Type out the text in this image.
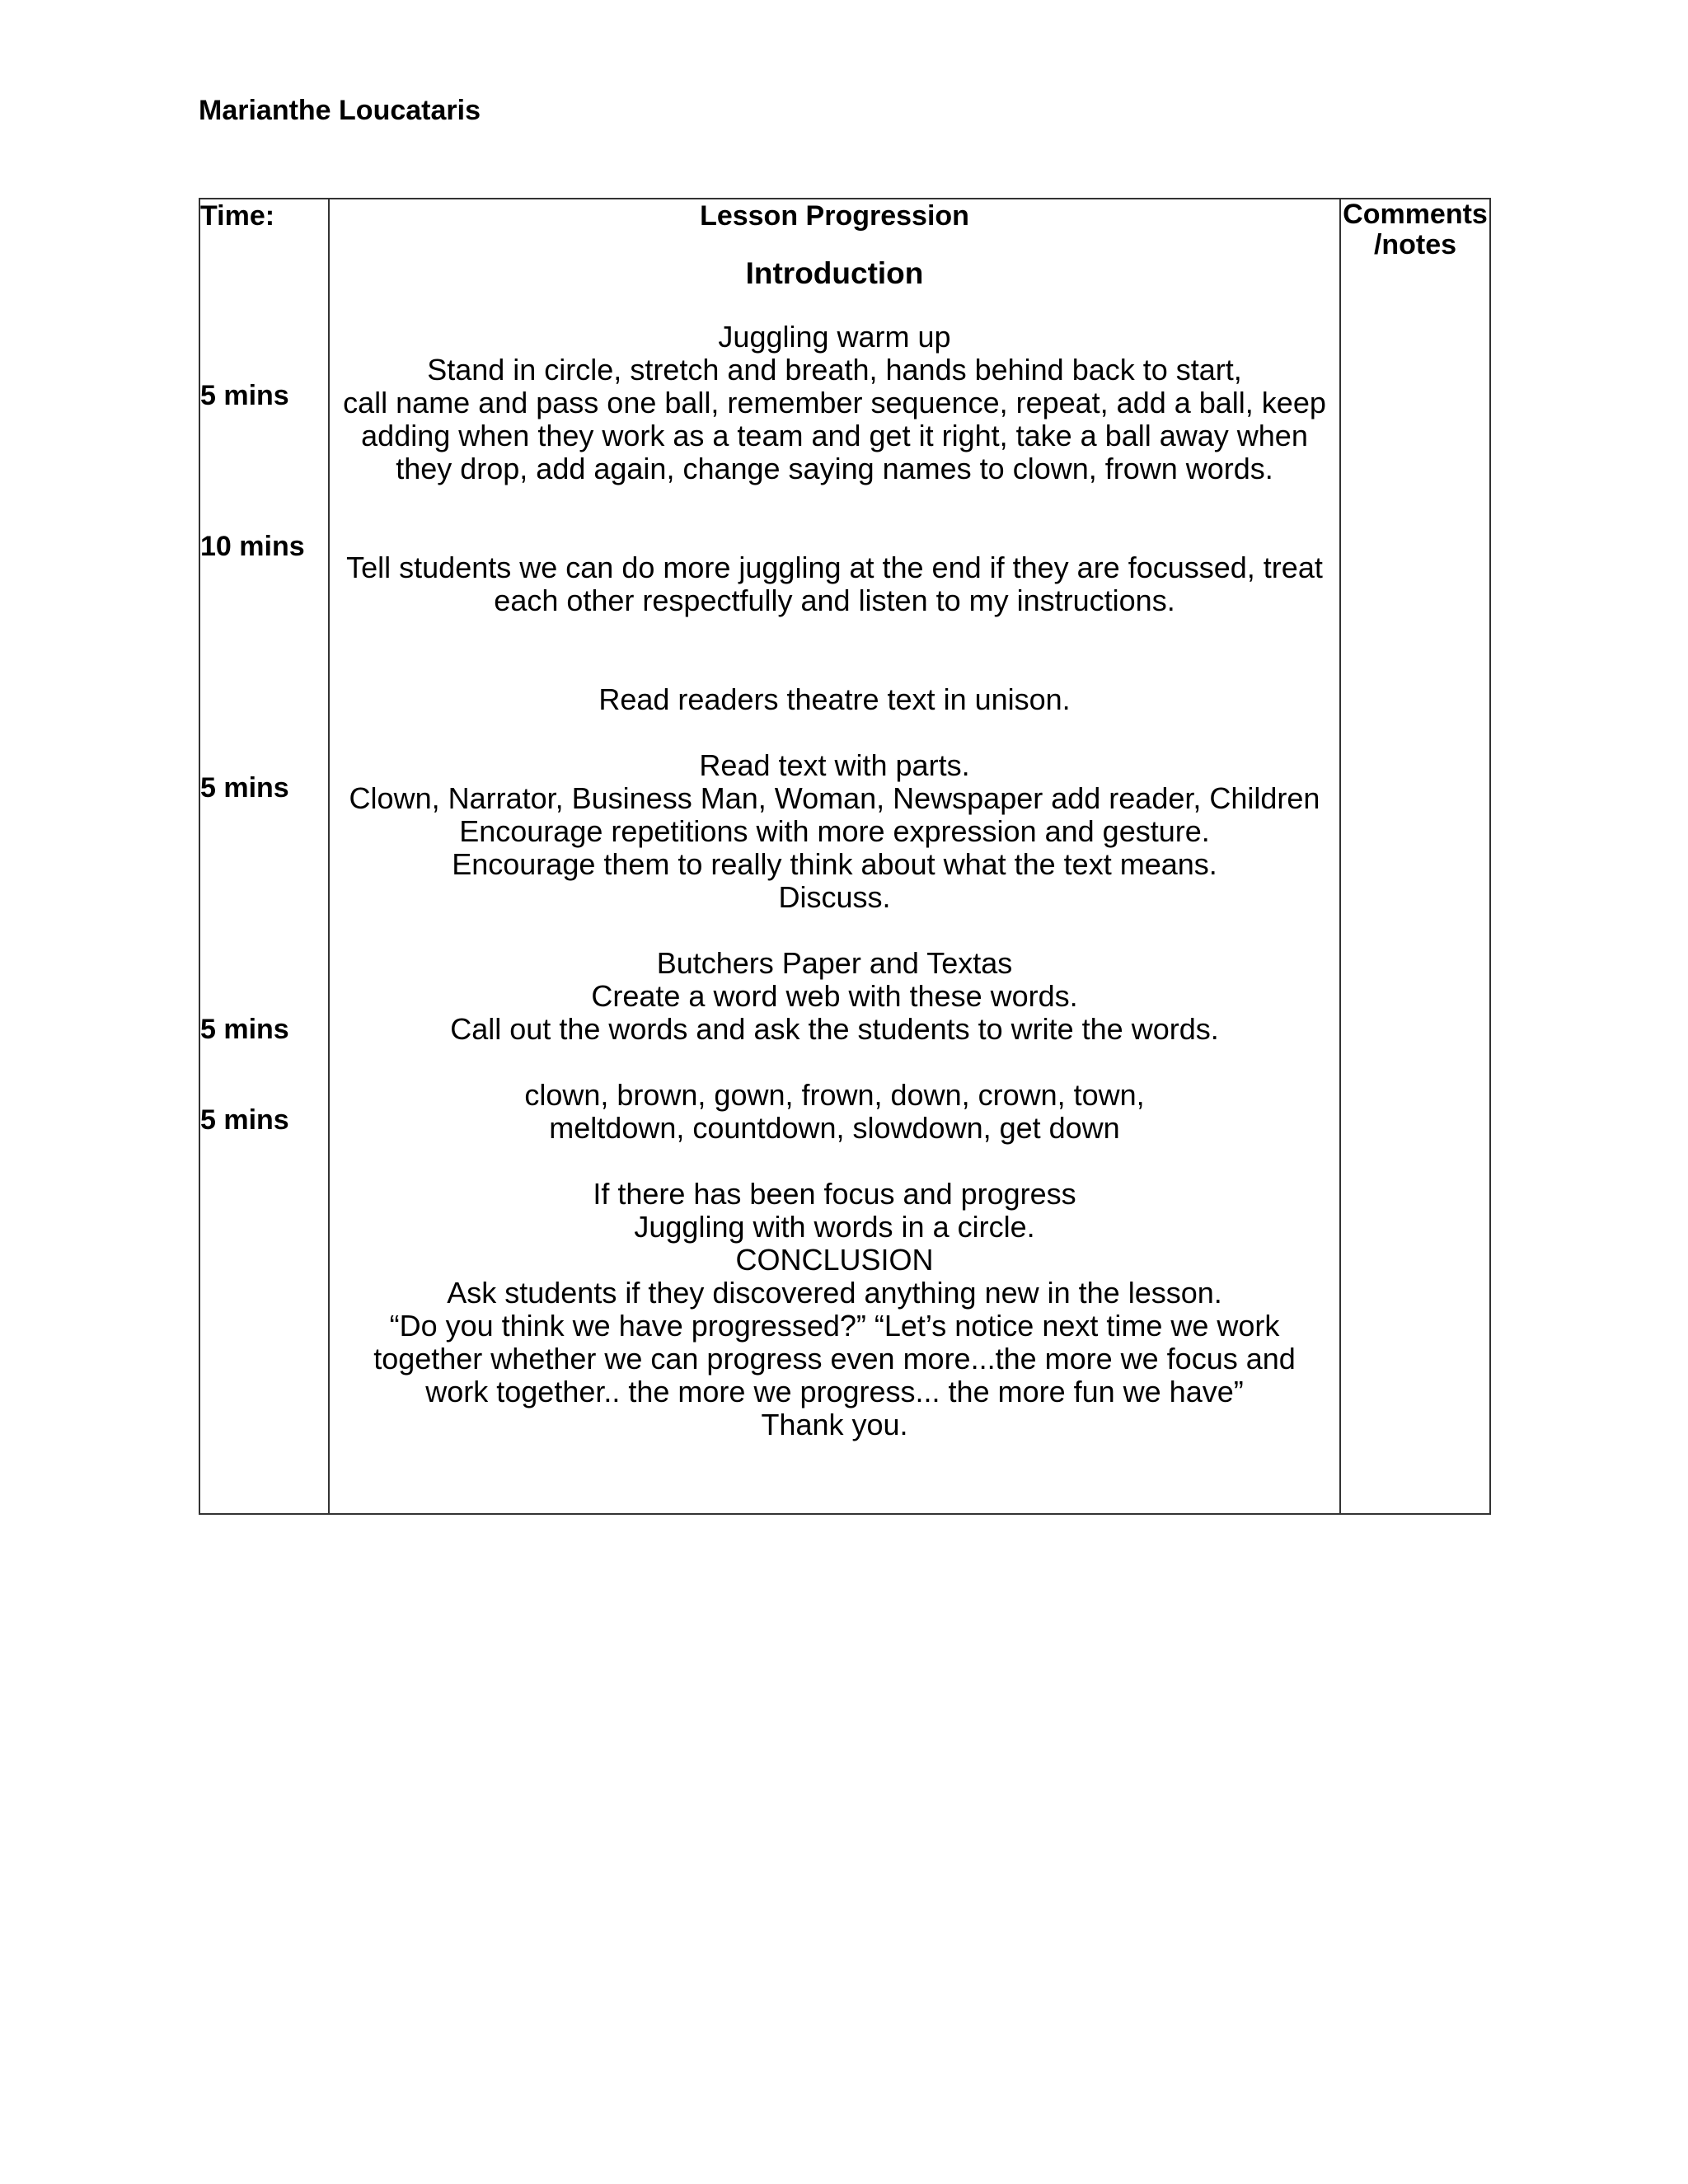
Marianthe Loucataris
Time:
5 mins
10 mins
5 mins
5 mins
5 mins
Lesson Progression
Introduction
Juggling warm up
Stand in circle, stretch and breath, hands behind back to start,
call name and pass one ball, remember sequence, repeat, add a ball, keep
adding when they work as a team and get it right, take a ball away when
they drop, add again, change saying names to clown, frown words.
Tell students we can do more juggling at the end if they are focussed, treat
each other respectfully and listen to my instructions.
Read readers theatre text in unison.
Read text with parts.
Clown, Narrator, Business Man, Woman, Newspaper add reader, Children
Encourage repetitions with more expression and gesture.
Encourage them to really think about what the text means.
Discuss.
Butchers Paper and Textas
Create a word web with these words.
Call out the words and ask the students to write the words.
clown, brown, gown, frown, down, crown, town,
meltdown, countdown, slowdown, get down
If there has been focus and progress
Juggling with words in a circle.
CONCLUSION
Ask students if they discovered anything new in the lesson.
“Do you think we have progressed?” “Let’s notice next time we work
together whether we can progress even more...the more we focus and
work together.. the more we progress... the more fun we have”
Thank you.
Comments
/notes
